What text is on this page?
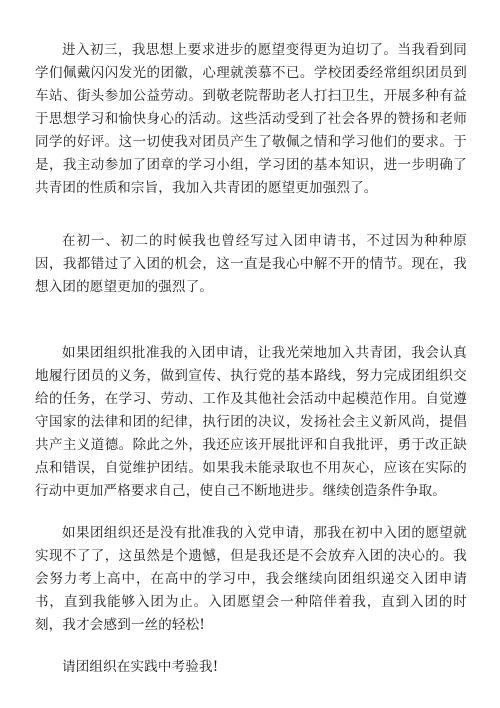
进入初三，我思想上要求进步的愿望变得更为迫切了。当我看到同学们佩戴闪闪发光的团徽，心理就羡慕不已。学校团委经常组织团员到车站、街头参加公益劳动。到敬老院帮助老人打扫卫生，开展多种有益于思想学习和愉快身心的活动。这些活动受到了社会各界的赞扬和老师同学的好评。这一切使我对团员产生了敬佩之情和学习他们的要求。于是，我主动参加了团章的学习小组，学习团的基本知识，进一步明确了共青团的性质和宗旨，我加入共青团的愿望更加强烈了。

在初一、初二的时候我也曾经写过入团申请书，不过因为种种原因，我都错过了入团的机会，这一直是我心中解不开的情节。现在，我想入团的愿望更加的强烈了。

如果团组织批准我的入团申请，让我光荣地加入共青团，我会认真地履行团员的义务，做到宣传、执行党的基本路线，努力完成团组织交给的任务，在学习、劳动、工作及其他社会活动中起模范作用。自觉遵守国家的法律和团的纪律，执行团的决议，发扬社会主义新风尚，提倡共产主义道德。除此之外，我还应该开展批评和自我批评，勇于改正缺点和错误，自觉维护团结。如果我未能录取也不用灰心，应该在实际的行动中更加严格要求自己，使自己不断地进步。继续创造条件争取。

如果团组织还是没有批准我的入党申请，那我在初中入团的愿望就实现不了了，这虽然是个遗憾，但是我还是不会放弃入团的决心的。我会努力考上高中，在高中的学习中，我会继续向团组织递交入团申请书，直到我能够入团为止。入团愿望会一种陪伴着我，直到入团的时刻，我才会感到一丝的轻松!

请团组织在实践中考验我!
